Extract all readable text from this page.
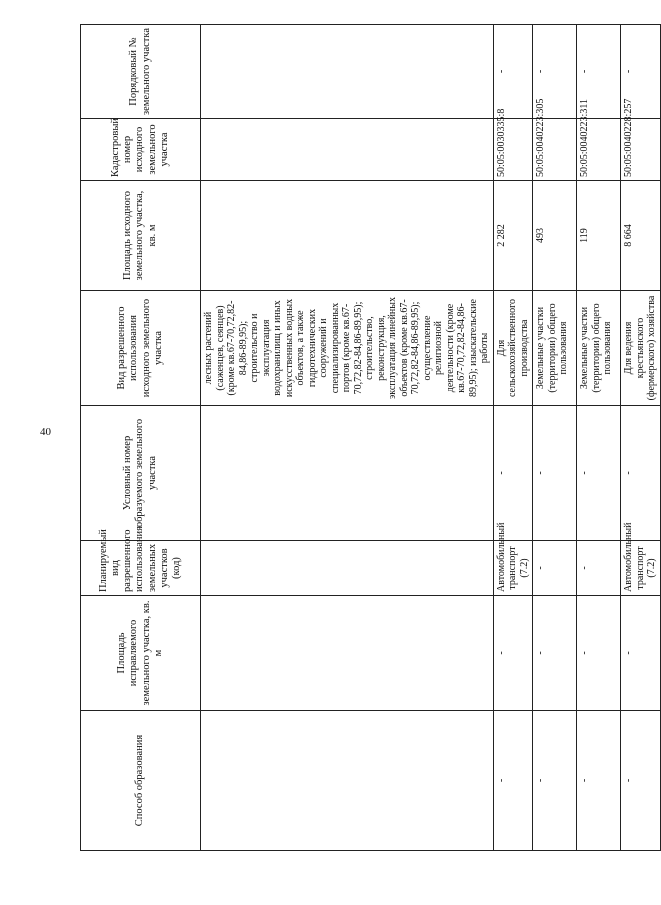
40
Способ образования	Площадь исправляемого земельного участка, кв. м	Планируемый вид разрешенного использования земельных участков (код)	Условный номер образуемого земельного участка	Вид разрешенного использования исходного земельного участка	Площадь исходного земельного участка, кв. м	Кадастровый номер исходного земельного участка	Порядковый № земельного участка
				лесных растений (саженцев, сеянцев) (кроме кв.67-70,72,82-84,86-89,95); строительство и эксплуатация водохранилищ и иных искусственных водных объектов, а также гидротехнических сооружений и специализированных портов (кроме кв.67-70,72,82-84,86-89,95); строительство, реконструкция, эксплуатация линейных объектов (кроме кв.67-70,72,82-84,86-89,95); осуществление религиозной деятельности (кроме кв.67-70,72,82-84,86-89,95); изыскательские работы			
-	-	Автомобильный транспорт (7.2)	-	Для сельскохозяйственного производства	2 282	50:05:0030335:8	-
-	-	-	-	Земельные участки (территории) общего пользования	493	50:05:0040223:305	-
-	-	-	-	Земельные участки (территории) общего пользования	119	50:05:0040223:311	-
-	-	Автомобильный транспорт (7.2)	-	Для ведения крестьянского (фермерского) хозяйства	8 664	50:05:0040228:257	-
